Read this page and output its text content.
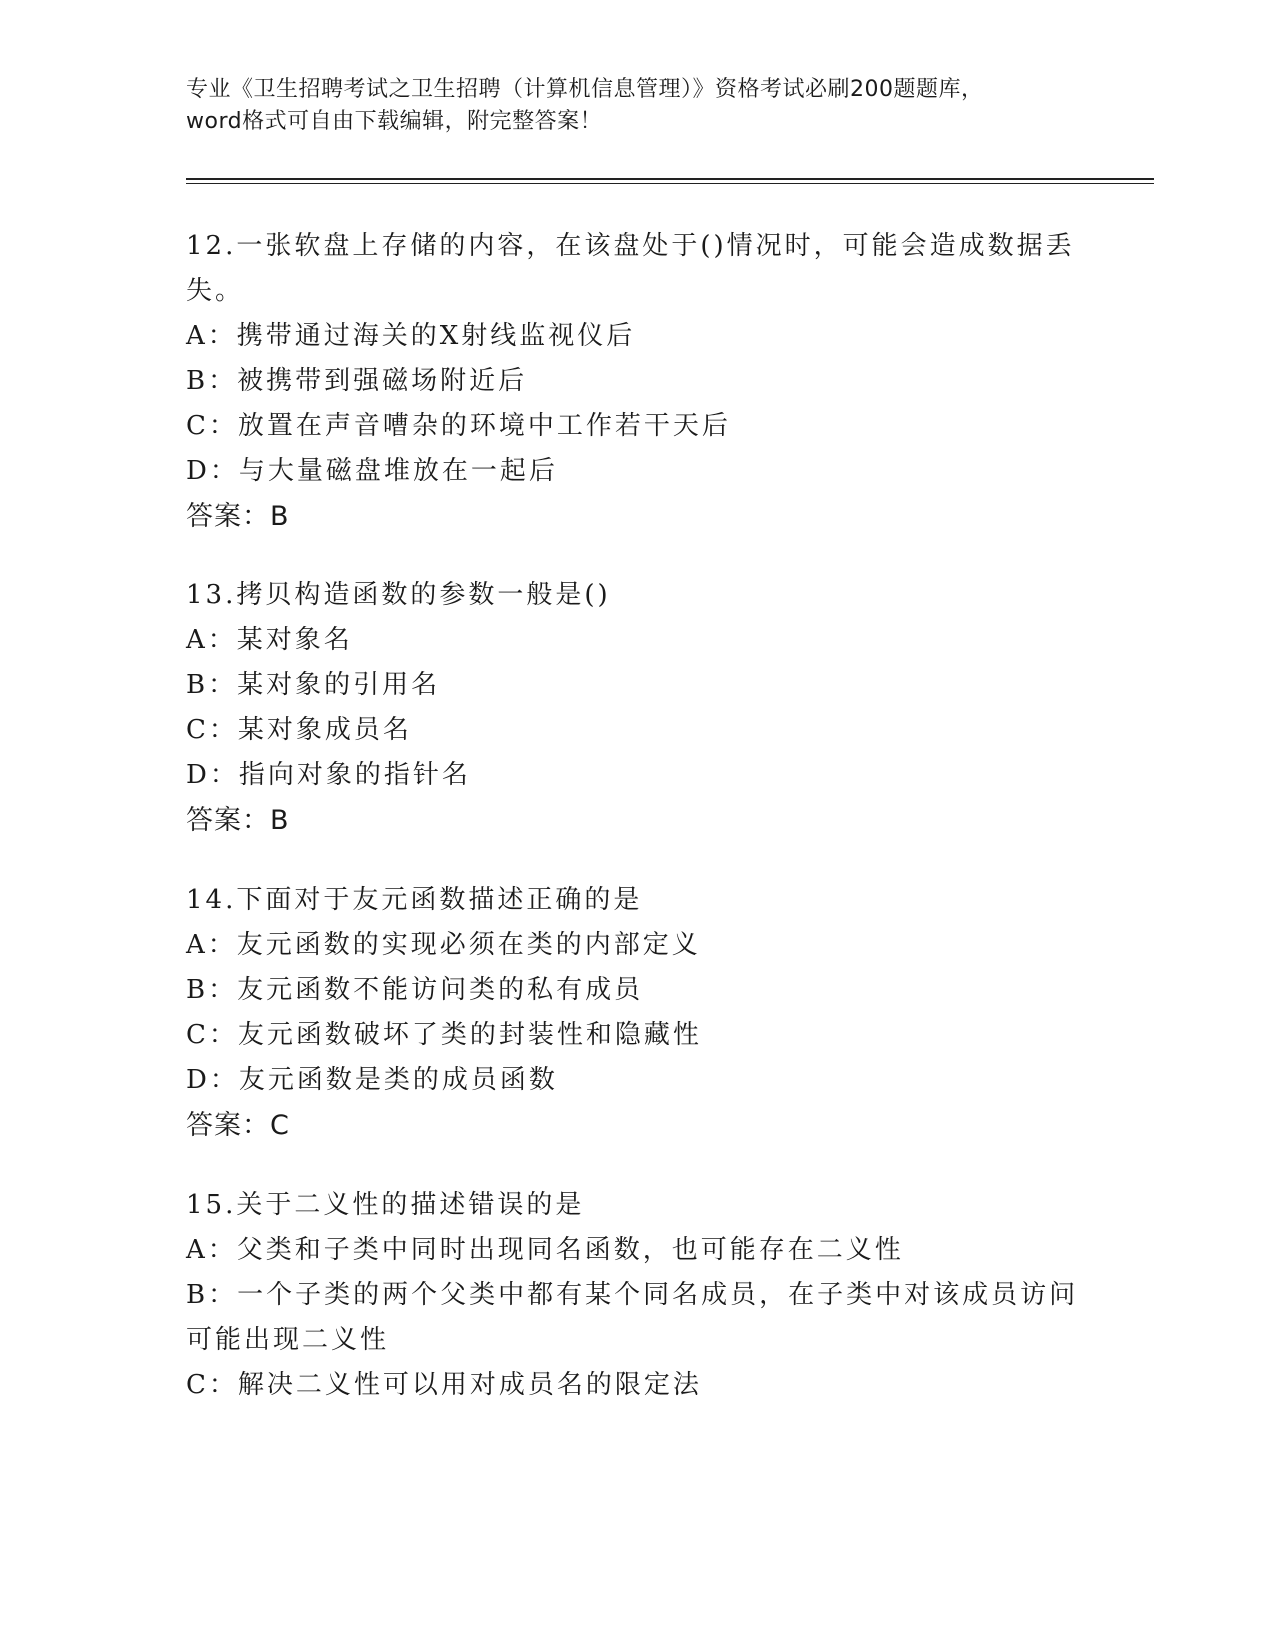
专业《卫生招聘考试之卫生招聘（计算机信息管理）》资格考试必刷200题题库，
word格式可自由下载编辑，附完整答案！
12.一张软盘上存储的内容，在该盘处于()情况时，可能会造成数据丢
失。
A：携带通过海关的X射线监视仪后
B：被携带到强磁场附近后
C：放置在声音嘈杂的环境中工作若干天后
D：与大量磁盘堆放在一起后
答案：B
13.拷贝构造函数的参数一般是()
A：某对象名
B：某对象的引用名
C：某对象成员名
D：指向对象的指针名
答案：B
14.下面对于友元函数描述正确的是
A：友元函数的实现必须在类的内部定义
B：友元函数不能访问类的私有成员
C：友元函数破坏了类的封装性和隐藏性
D：友元函数是类的成员函数
答案：C
15.关于二义性的描述错误的是
A：父类和子类中同时出现同名函数，也可能存在二义性
B：一个子类的两个父类中都有某个同名成员，在子类中对该成员访问
可能出现二义性
C：解决二义性可以用对成员名的限定法
